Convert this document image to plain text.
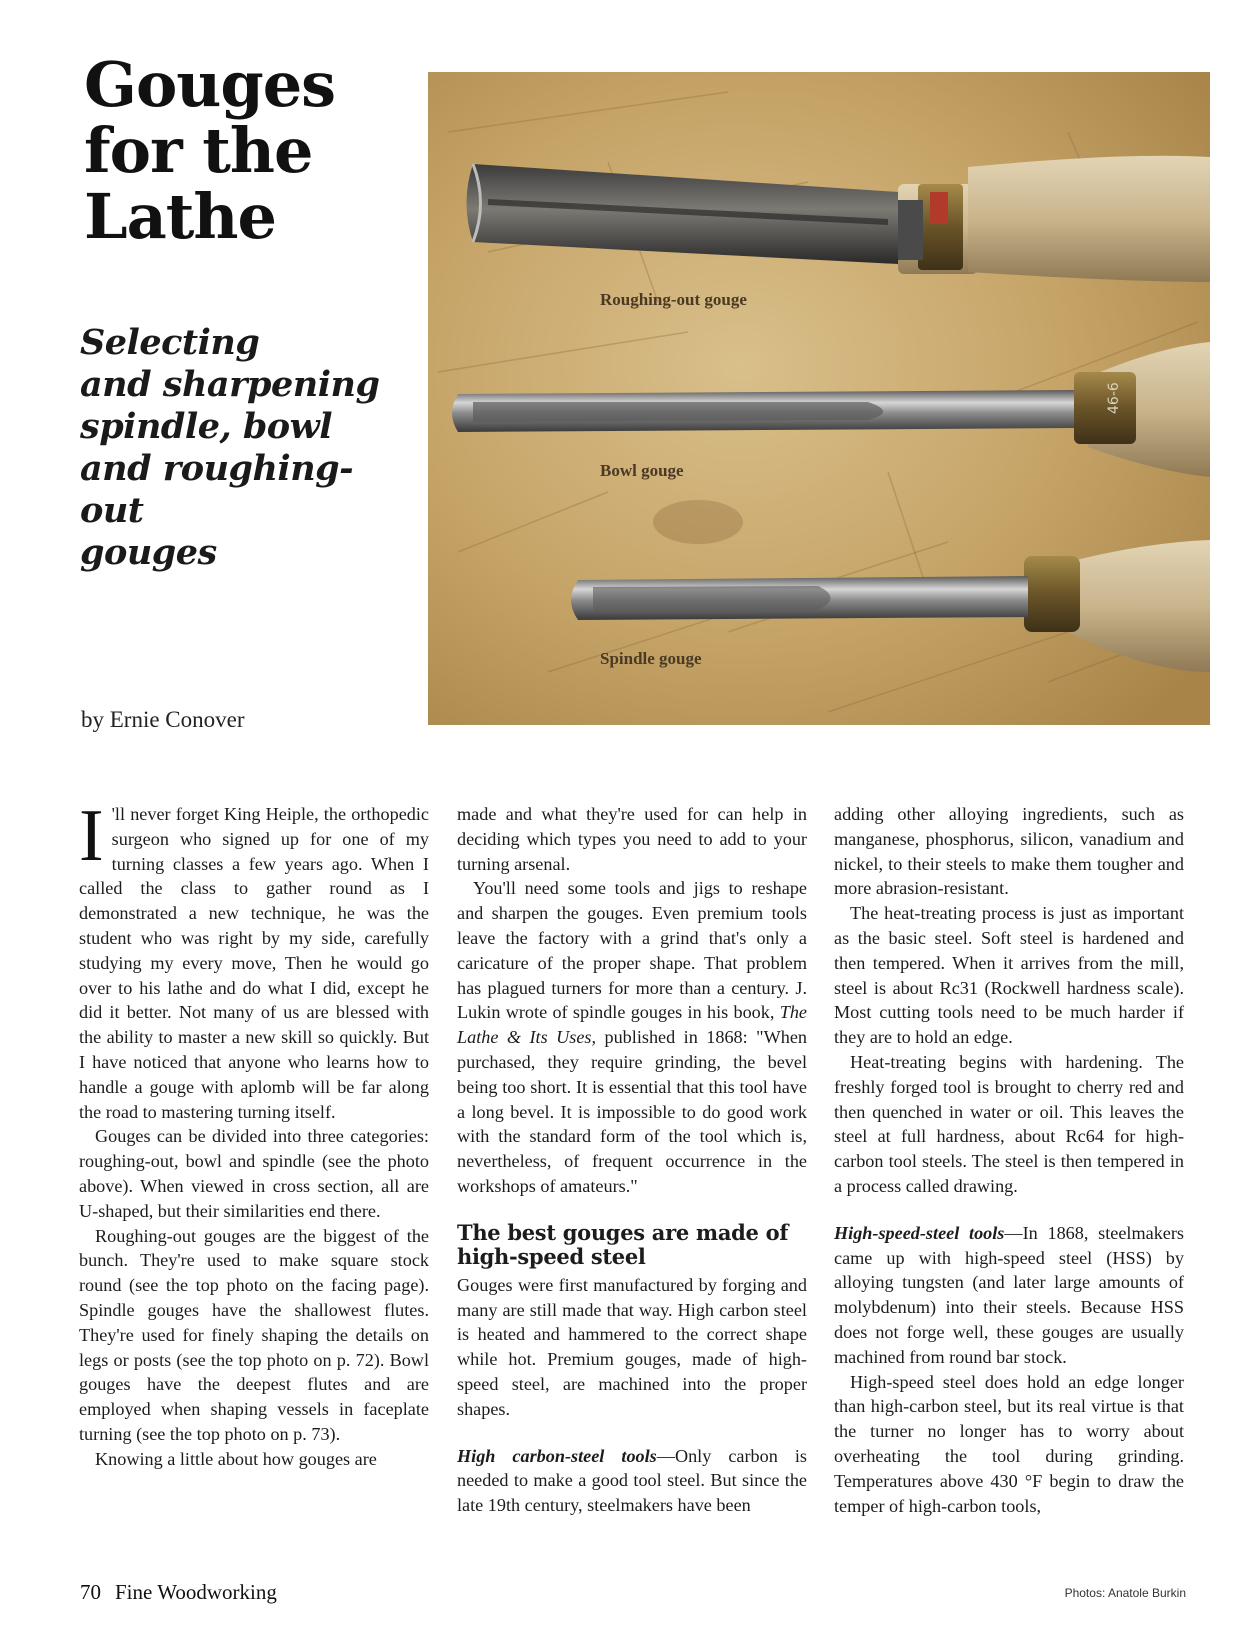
Gouges
for the
Lathe
Selecting
and sharpening
spindle, bowl
and roughing-out
gouges

by Ernie Conover

Roughing-out gouge
46-6
Bowl gouge
Spindle gouge

I 'll never forget King Heiple, the orthopedic surgeon who signed up for one of my turning classes a few years ago. When I called the class to gather round as I demonstrated a new technique, he was the student who was right by my side, carefully studying my every move, Then he would go over to his lathe and do what I did, except he did it better. Not many of us are blessed with the ability to master a new skill so quickly. But I have noticed that anyone who learns how to handle a gouge with aplomb will be far along the road to mastering turning itself.

Gouges can be divided into three categories: roughing-out, bowl and spindle (see the photo above). When viewed in cross section, all are U-shaped, but their similarities end there.

Roughing-out gouges are the biggest of the bunch. They're used to make square stock round (see the top photo on the facing page). Spindle gouges have the shallowest flutes. They're used for finely shaping the details on legs or posts (see the top photo on p. 72). Bowl gouges have the deepest flutes and are employed when shaping vessels in faceplate turning (see the top photo on p. 73).

Knowing a little about how gouges are

made and what they're used for can help in deciding which types you need to add to your turning arsenal.

You'll need some tools and jigs to reshape and sharpen the gouges. Even premium tools leave the factory with a grind that's only a caricature of the proper shape. That problem has plagued turners for more than a century. J. Lukin wrote of spindle gouges in his book, The Lathe & Its Uses, published in 1868: "When purchased, they require grinding, the bevel being too short. It is essential that this tool have a long bevel. It is impossible to do good work with the standard form of the tool which is, nevertheless, of frequent occurrence in the workshops of amateurs."

The best gouges are made of high-speed steel

Gouges were first manufactured by forging and many are still made that way. High carbon steel is heated and hammered to the correct shape while hot. Premium gouges, made of high-speed steel, are machined into the proper shapes.

High carbon-steel tools—Only carbon is needed to make a good tool steel. But since the late 19th century, steelmakers have been

adding other alloying ingredients, such as manganese, phosphorus, silicon, vanadium and nickel, to their steels to make them tougher and more abrasion-resistant.

The heat-treating process is just as important as the basic steel. Soft steel is hardened and then tempered. When it arrives from the mill, steel is about Rc31 (Rockwell hardness scale). Most cutting tools need to be much harder if they are to hold an edge.

Heat-treating begins with hardening. The freshly forged tool is brought to cherry red and then quenched in water or oil. This leaves the steel at full hardness, about Rc64 for high-carbon tool steels. The steel is then tempered in a process called drawing.

High-speed-steel tools—In 1868, steelmakers came up with high-speed steel (HSS) by alloying tungsten (and later large amounts of molybdenum) into their steels. Because HSS does not forge well, these gouges are usually machined from round bar stock.

High-speed steel does hold an edge longer than high-carbon steel, but its real virtue is that the turner no longer has to worry about overheating the tool during grinding. Temperatures above 430 °F begin to draw the temper of high-carbon tools,

70 Fine Woodworking	Photos: Anatole Burkin
